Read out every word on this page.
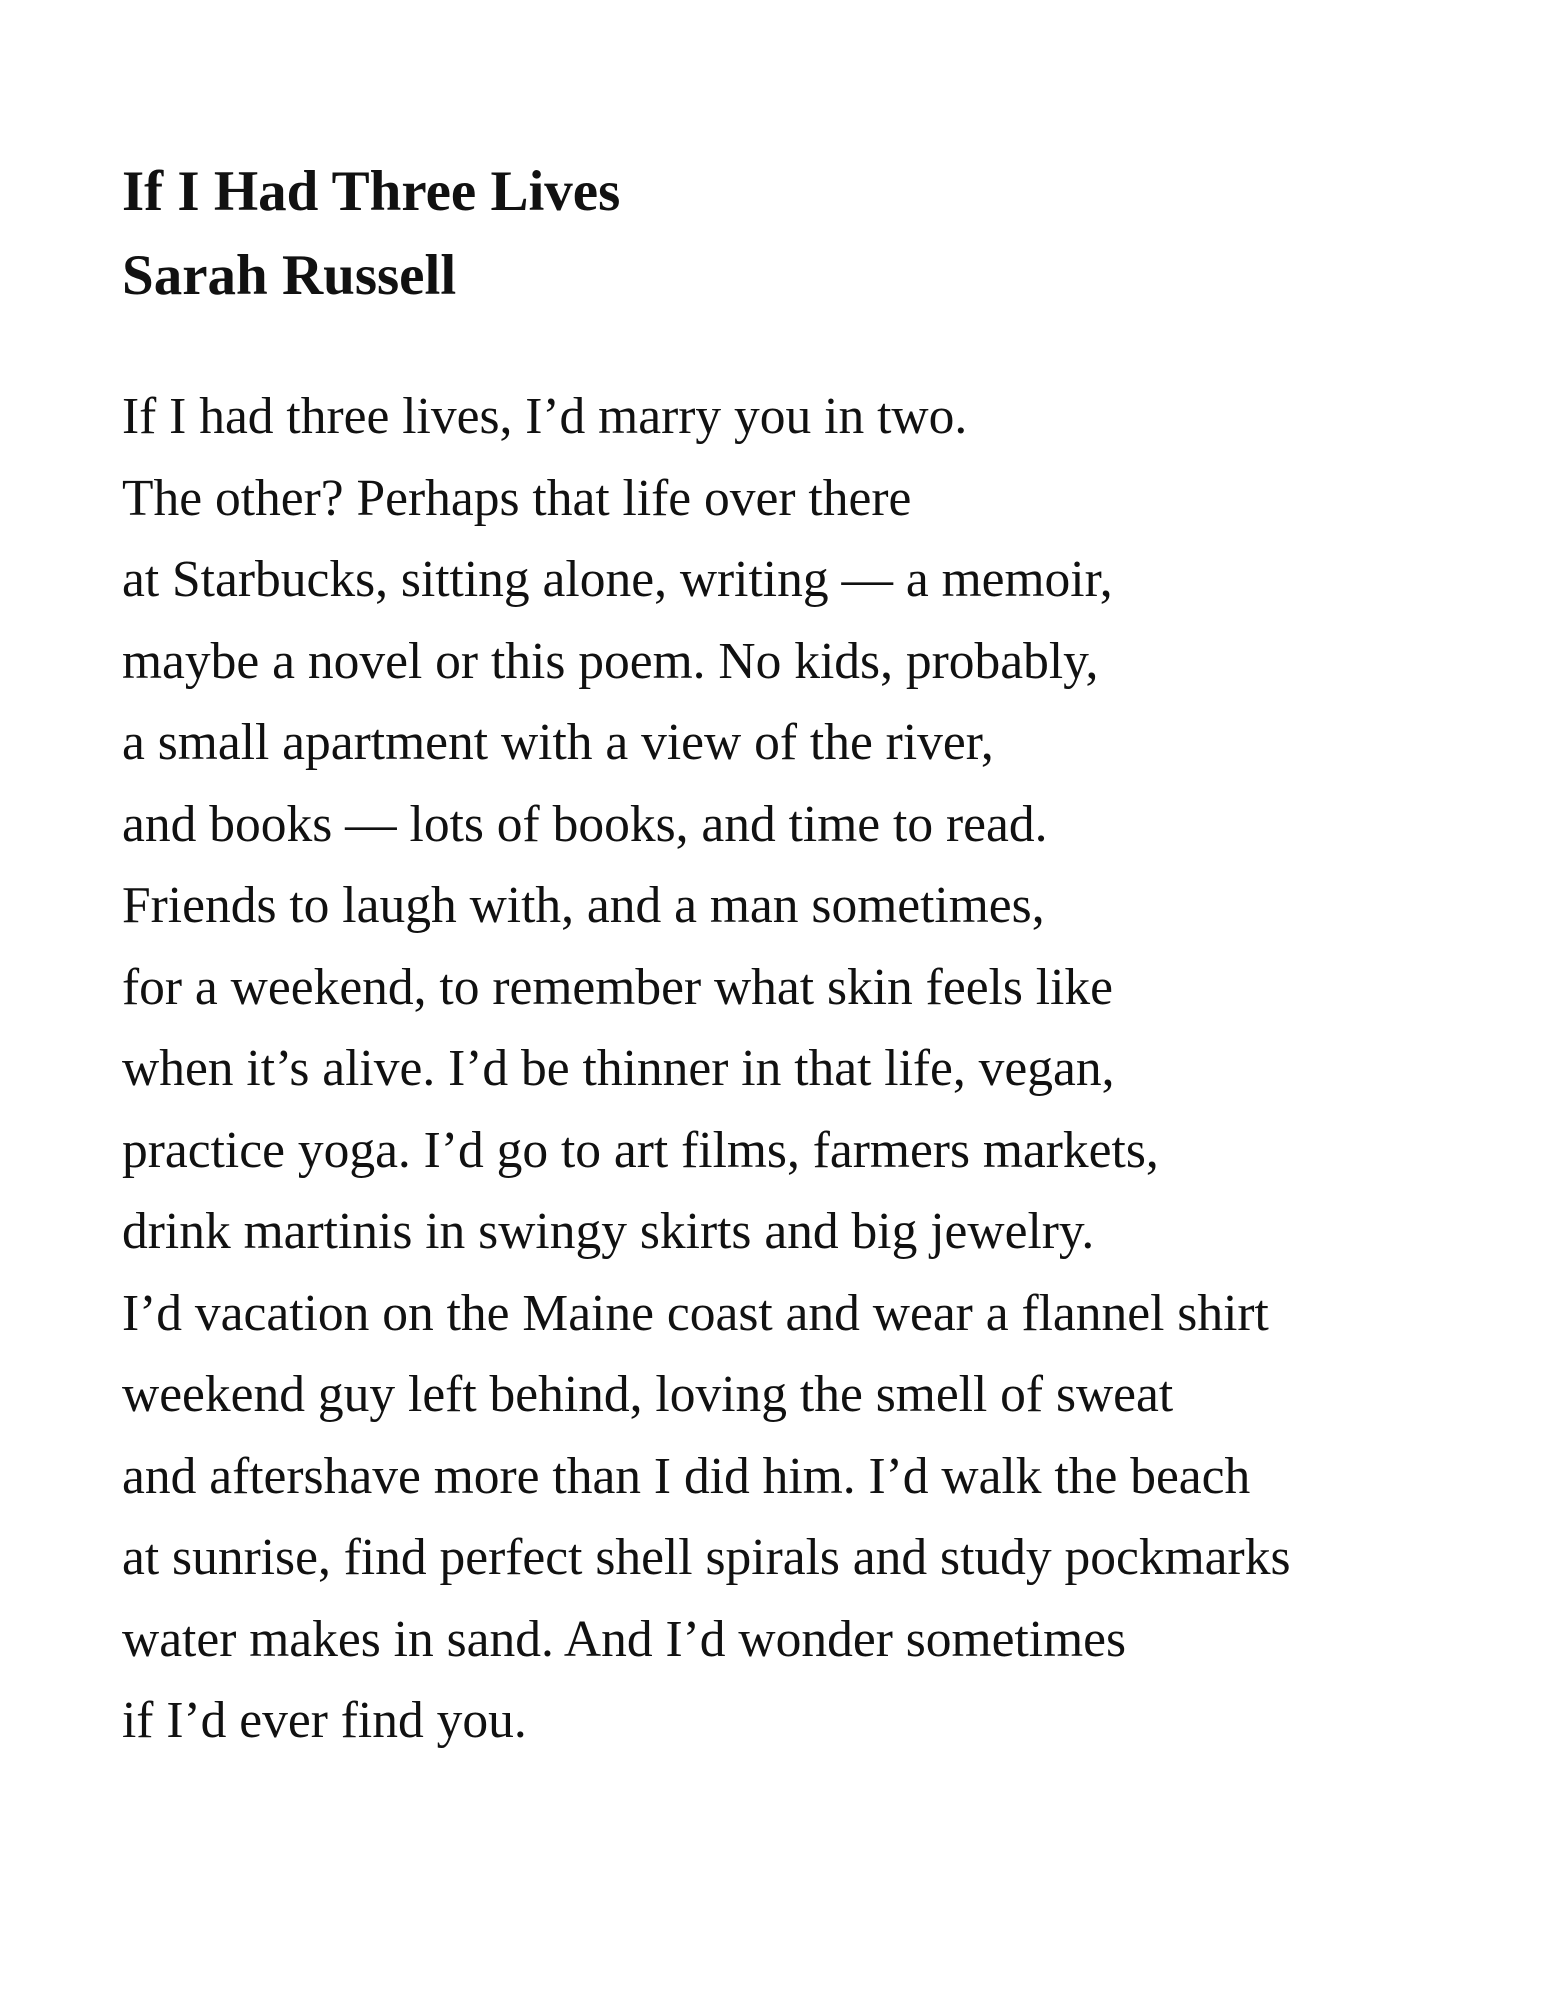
If I Had Three Lives
Sarah Russell
If I had three lives, I’d marry you in two.
The other? Perhaps that life over there
at Starbucks, sitting alone, writing — a memoir,
maybe a novel or this poem. No kids, probably,
a small apartment with a view of the river,
and books — lots of books, and time to read.
Friends to laugh with, and a man sometimes,
for a weekend, to remember what skin feels like
when it’s alive. I’d be thinner in that life, vegan,
practice yoga. I’d go to art films, farmers markets,
drink martinis in swingy skirts and big jewelry.
I’d vacation on the Maine coast and wear a flannel shirt
weekend guy left behind, loving the smell of sweat
and aftershave more than I did him. I’d walk the beach
at sunrise, find perfect shell spirals and study pockmarks
water makes in sand. And I’d wonder sometimes
if I’d ever find you.
